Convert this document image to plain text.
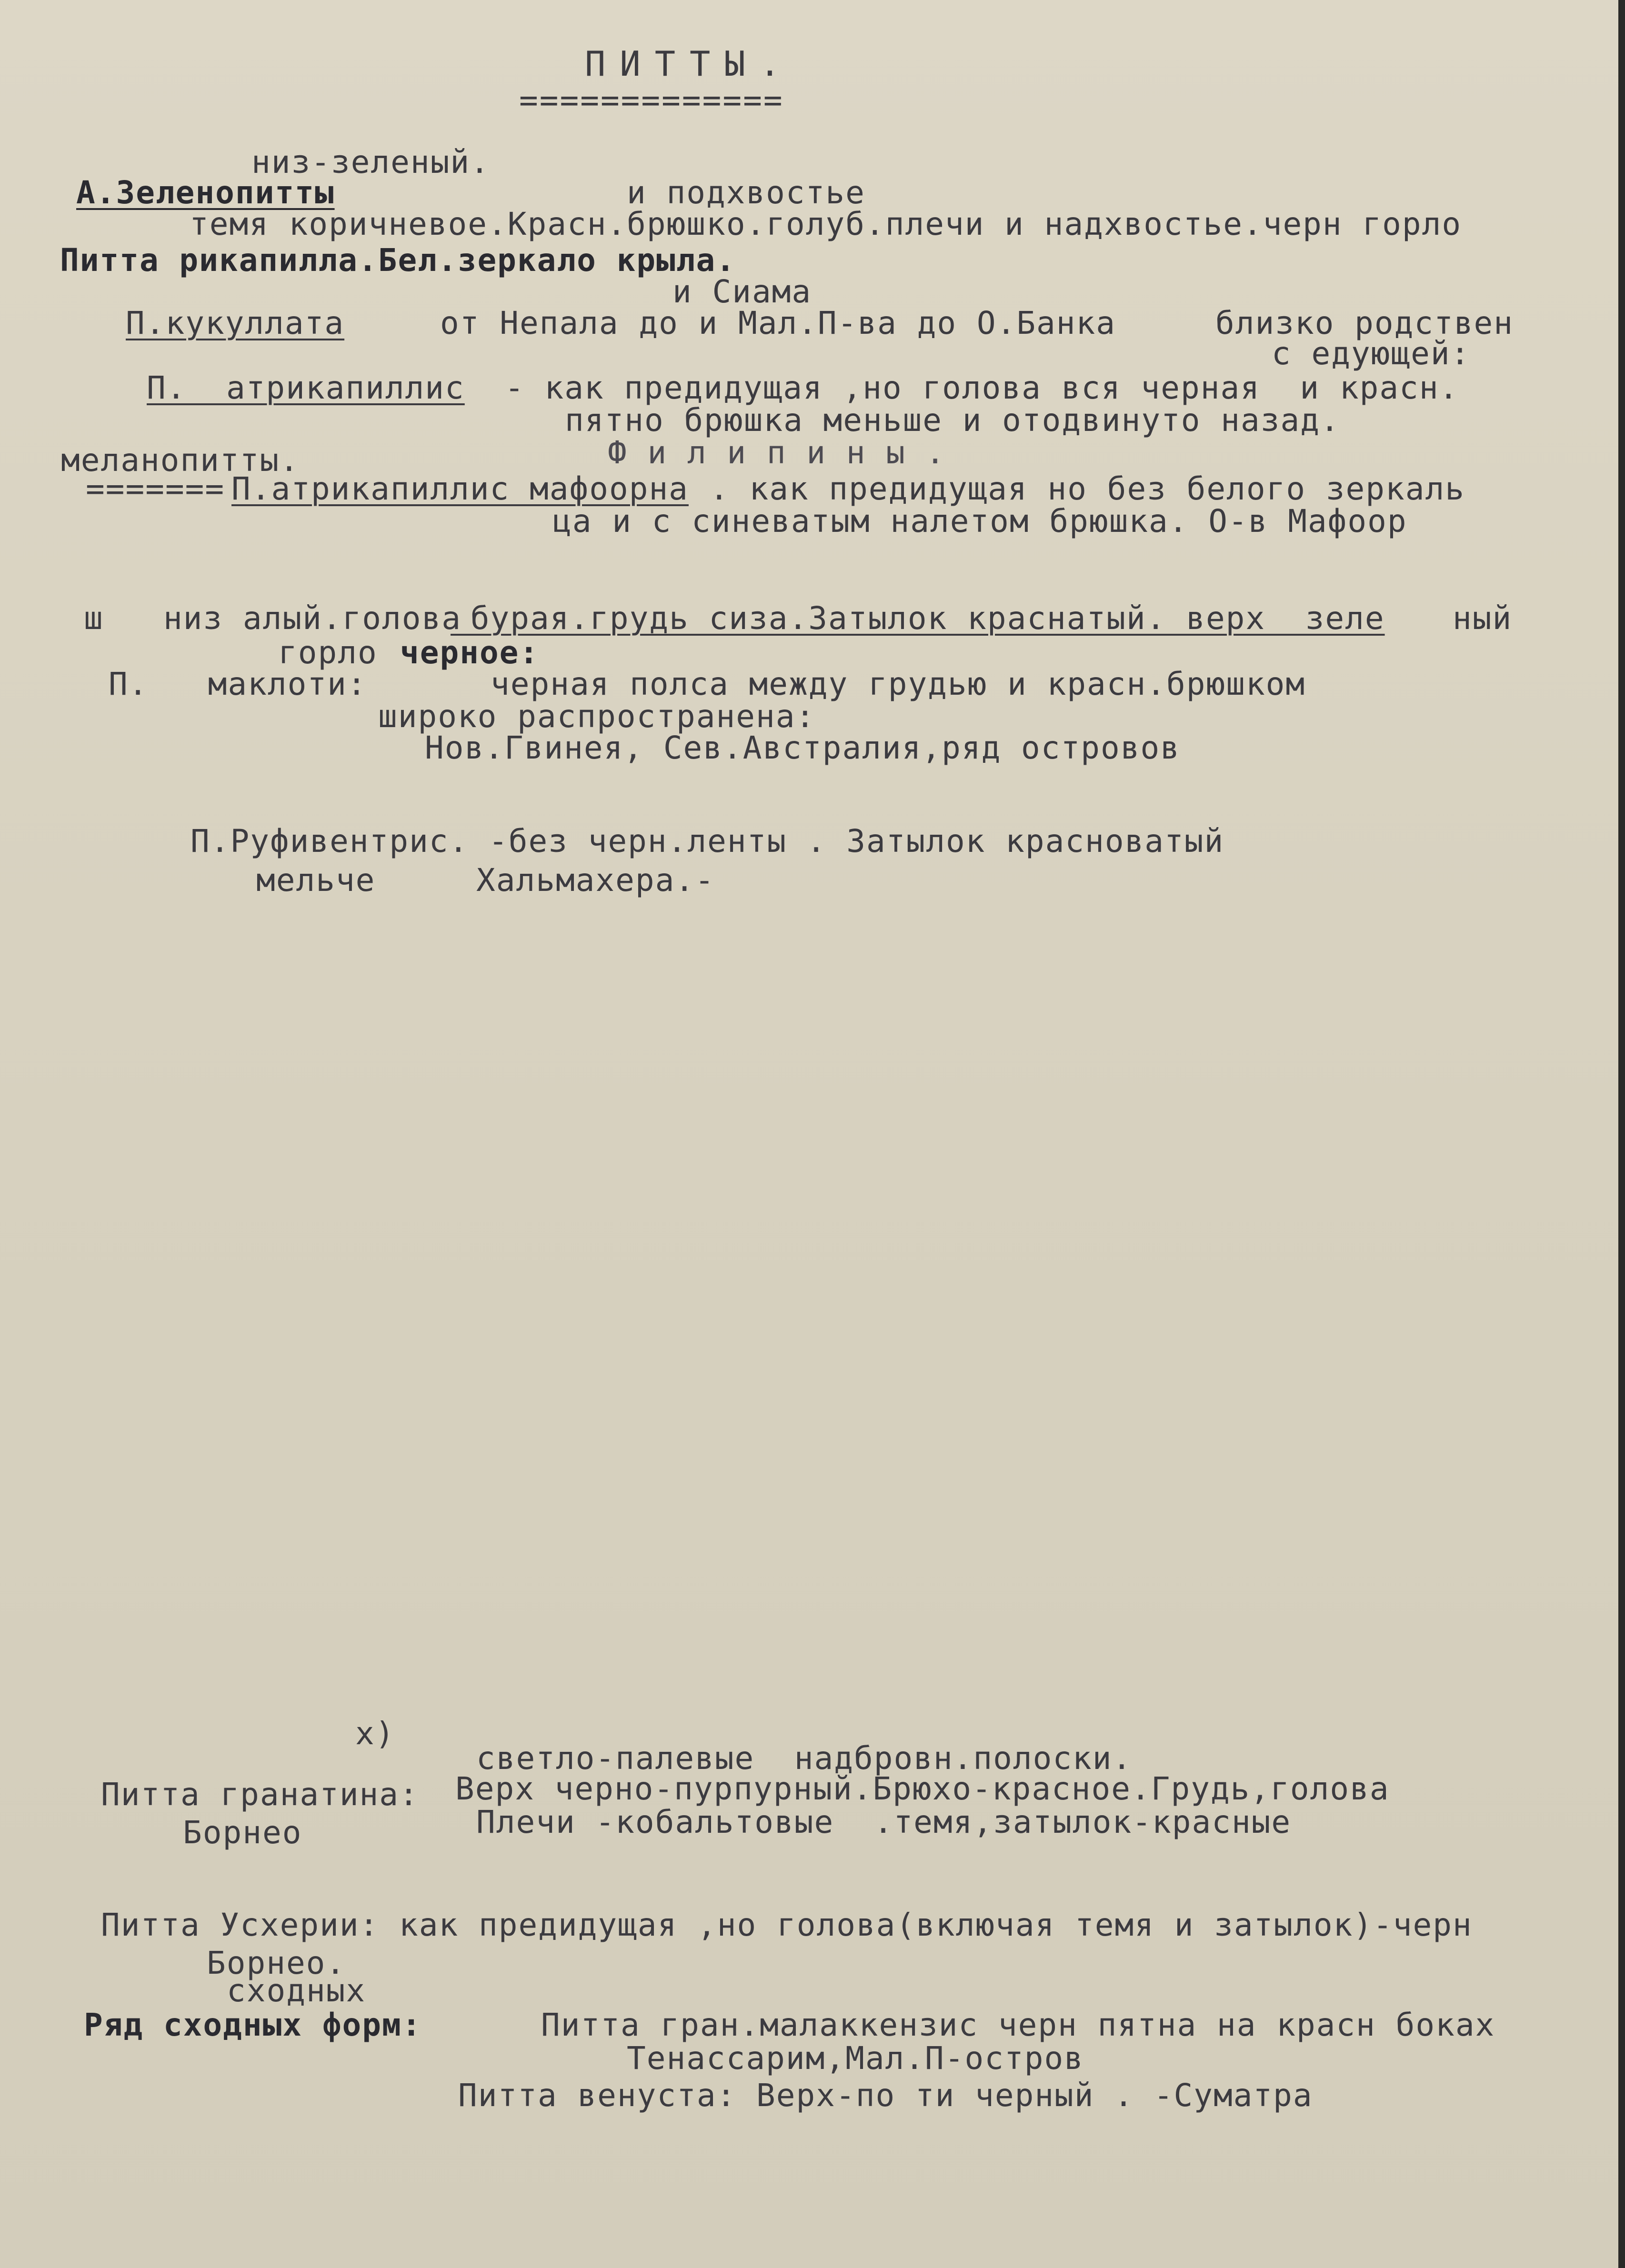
ПИТТЫ.
=============
низ-зеленый.
А.Зеленопитты	и подхвостье
темя коричневое.Красн.брюшко.голуб.плечи и надхвостье.черн горло
Питта рикапилла.Бел.зеркало крыла.
и Сиама
П.кукуллата	от Непала до и Мал.П-ва до О.Банка	близко родствен
с едующей:
П.  атрикапиллис - как предидущая ,но голова вся черная  и красн.
пятно брюшка меньше и отодвинуто назад.
меланопитты.	Ф и л и п и н ы .
======= П.атрикапиллис мафоорна . как предидущая но без белого зеркаль
ца и с синеватым налетом брюшка. О-в Мафоор
ш   низ алый.голова
бурая.грудь сиза.Затылок краснатый. верх  зеле ный
горло черное:
П.   маклоти:	черная полса между грудью и красн.брюшком
широко распространена:
Нов.Гвинея, Сев.Австралия,ряд островов
П.Руфивентрис. -без черн.ленты . Затылок красноватый
мельче	Хальмахера.-
х)
светло-палевые  надбровн.полоски.
Питта гранатина: Верх черно-пурпурный.Брюхо-красное.Грудь,голова
Борнео	Плечи -кобальтовые  .темя,затылок-красные
Питта Усхерии: как предидущая ,но голова(включая темя и затылок)-черн
Борнео.
сходных
Ряд сходных форм:	Питта гран.малаккензис черн пятна на красн боках
Тенассарим,Мал.П-остров
Питта венуста: Верх-по ти черный . -Суматра
